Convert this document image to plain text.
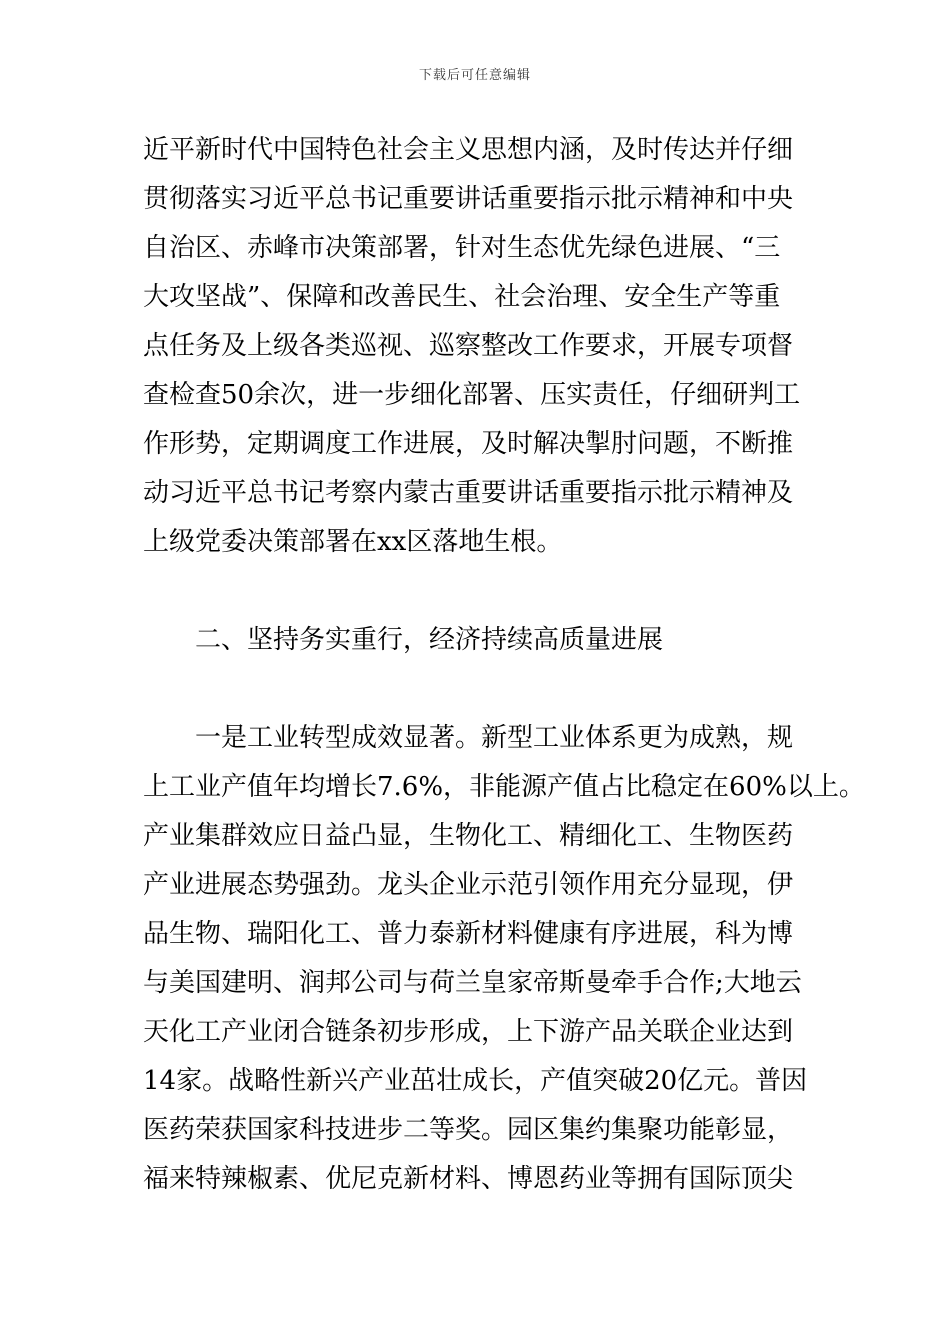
下载后可任意编辑
近平新时代中国特色社会主义思想内涵，及时传达并仔细
贯彻落实习近平总书记重要讲话重要指示批示精神和中央
自治区、赤峰市决策部署，针对生态优先绿色进展、“三
大攻坚战”、保障和改善民生、社会治理、安全生产等重
点任务及上级各类巡视、巡察整改工作要求，开展专项督
查检查50余次，进一步细化部署、压实责任，仔细研判工
作形势，定期调度工作进展，及时解决掣肘问题，不断推
动习近平总书记考察内蒙古重要讲话重要指示批示精神及
上级党委决策部署在xx区落地生根。
二、坚持务实重行，经济持续高质量进展
一是工业转型成效显著。新型工业体系更为成熟，规
上工业产值年均增长7.6%，非能源产值占比稳定在60%以上。
产业集群效应日益凸显，生物化工、精细化工、生物医药
产业进展态势强劲。龙头企业示范引领作用充分显现，伊
品生物、瑞阳化工、普力泰新材料健康有序进展，科为博
与美国建明、润邦公司与荷兰皇家帝斯曼牵手合作;大地云
天化工产业闭合链条初步形成，上下游产品关联企业达到
14家。战略性新兴产业茁壮成长，产值突破20亿元。普因
医药荣获国家科技进步二等奖。园区集约集聚功能彰显，
福来特辣椒素、优尼克新材料、博恩药业等拥有国际顶尖
